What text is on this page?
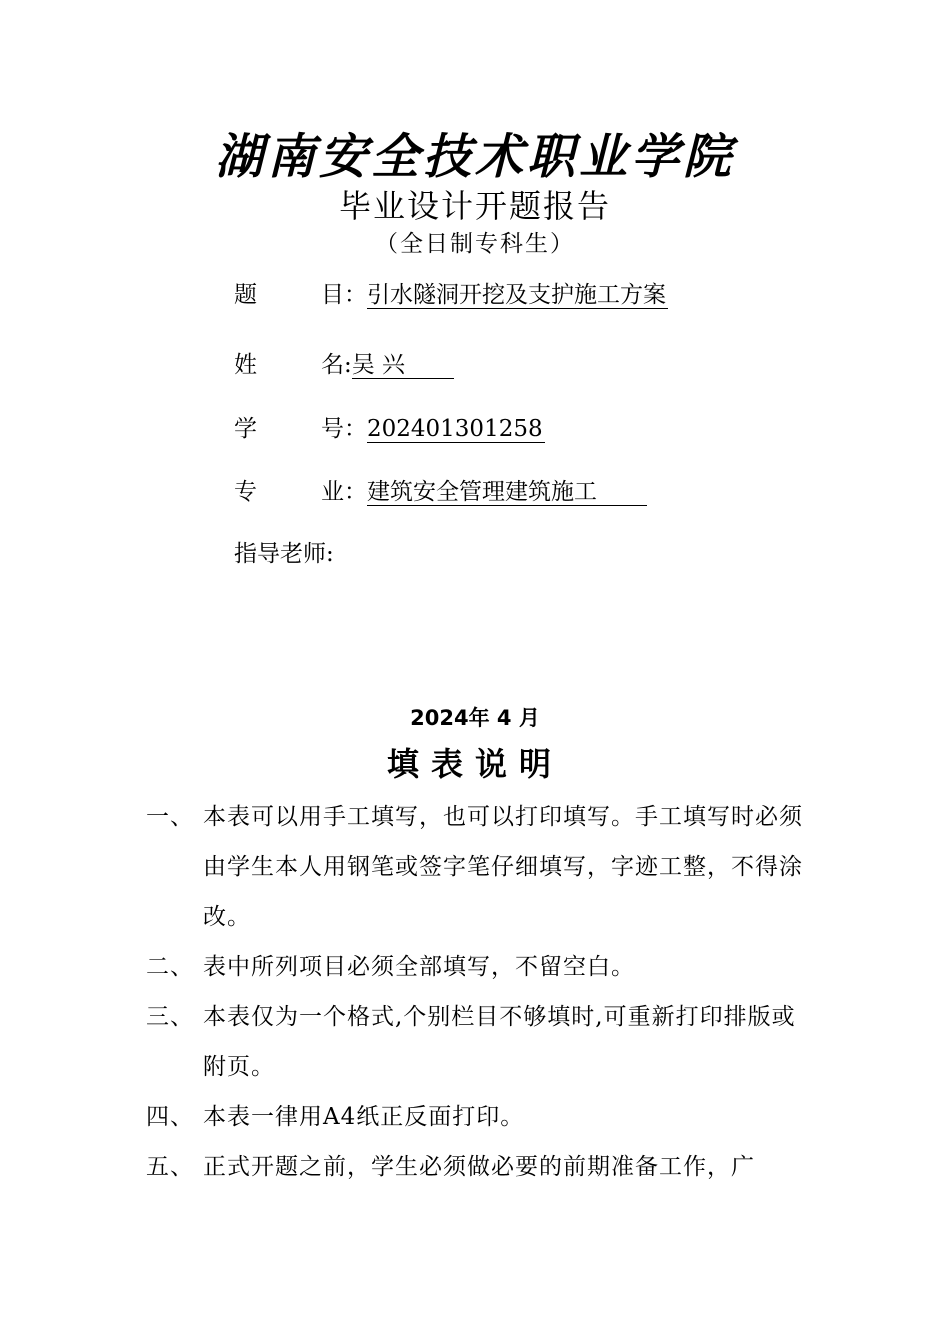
湖南安全技术职业学院
毕业设计开题报告
（全日制专科生）
题目：引水隧洞开挖及支护施工方案
姓名:吴 兴
学号：202401301258
专业：建筑安全管理建筑施工
指导老师:
2024年 4 月
填表说明
一、 本表可以用手工填写，也可以打印填写。手工填写时必须由学生本人用钢笔或签字笔仔细填写，字迹工整，不得涂改。
二、 表中所列项目必须全部填写，不留空白。
三、 本表仅为一个格式,个别栏目不够填时,可重新打印排版或附页。
四、 本表一律用A4纸正反面打印。
五、 正式开题之前，学生必须做必要的前期准备工作，广
